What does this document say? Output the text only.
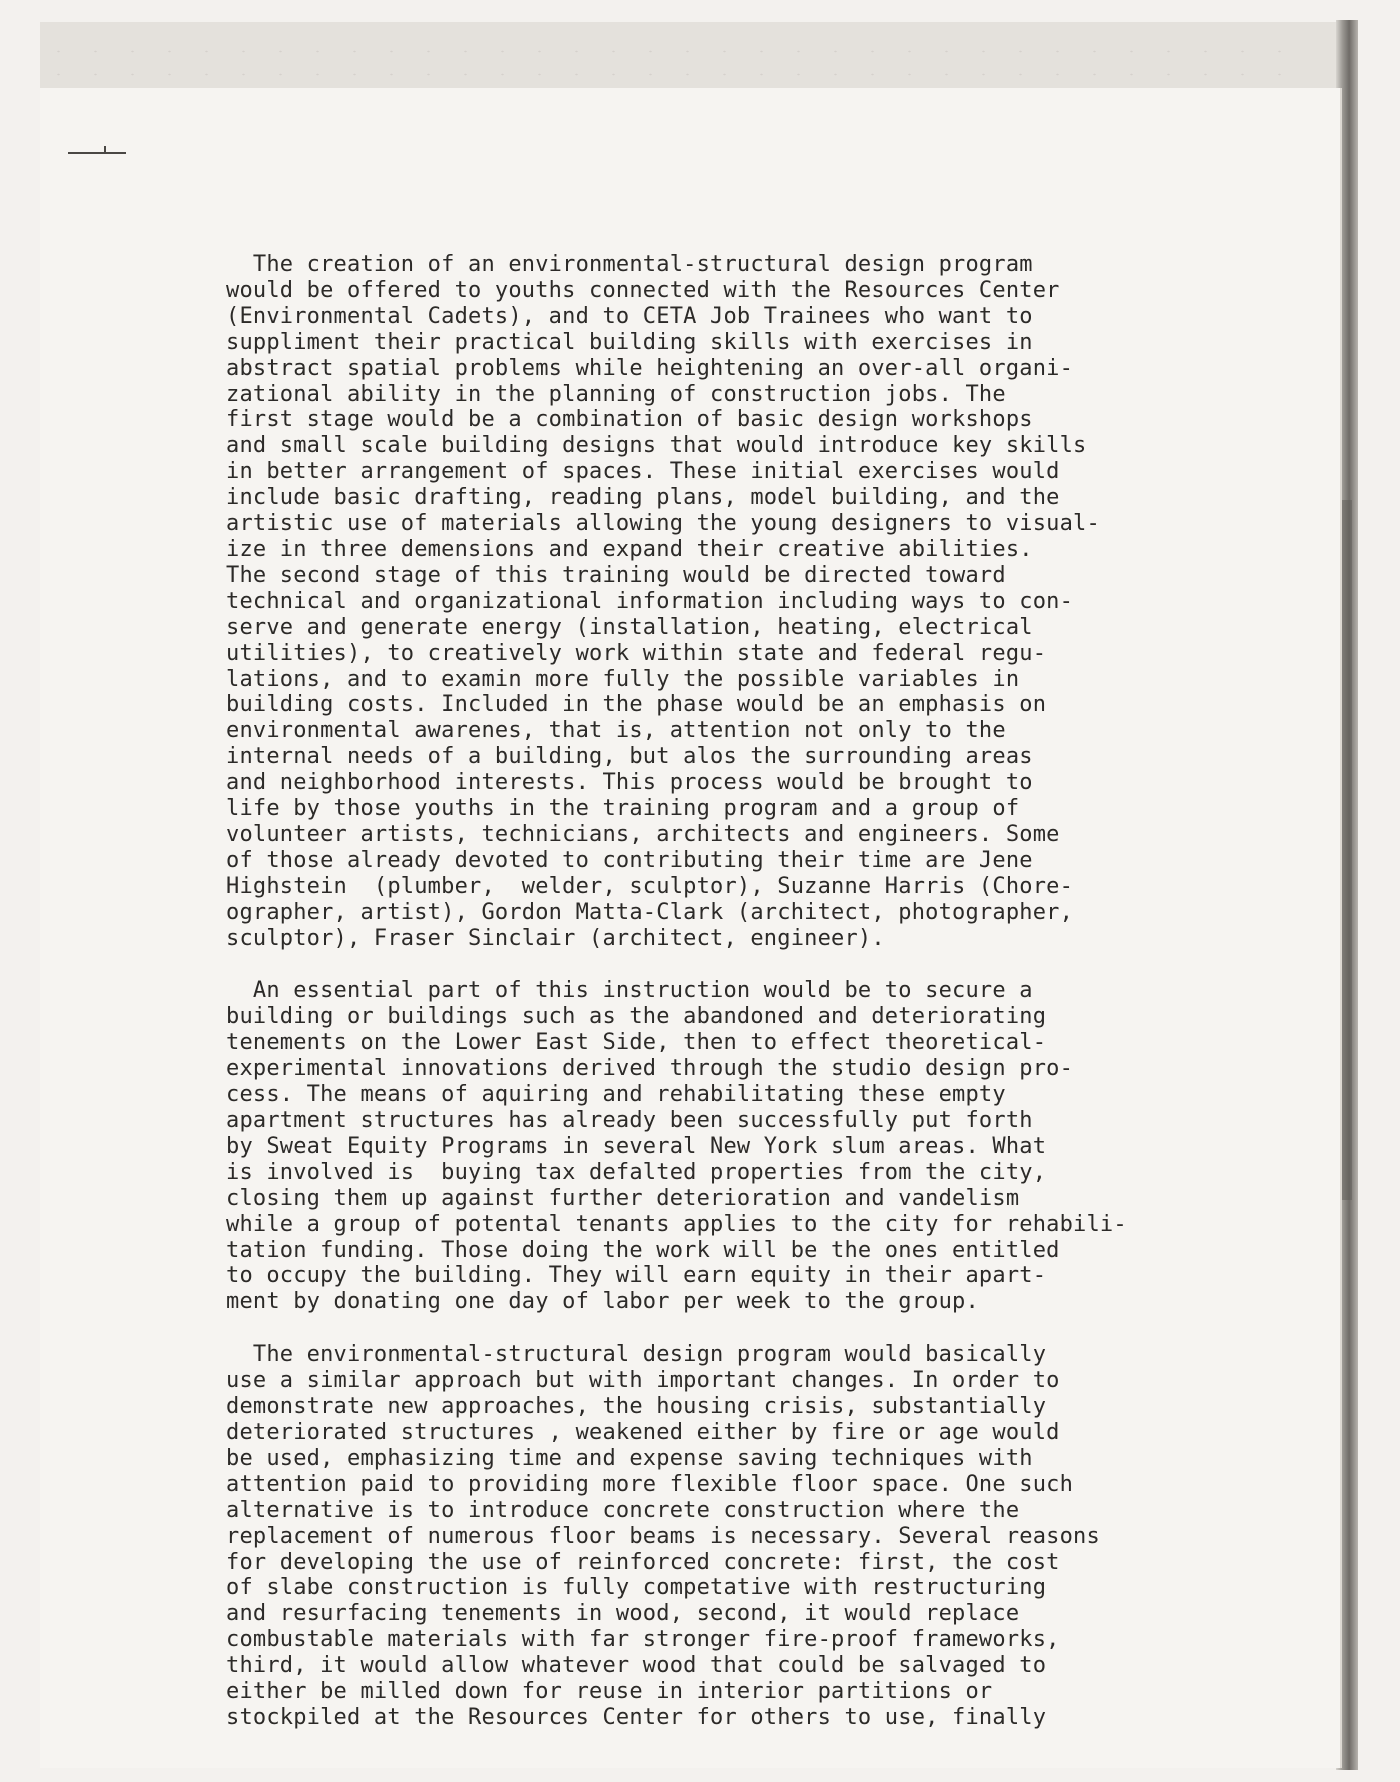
The creation of an environmental-structural design program
would be offered to youths connected with the Resources Center
(Environmental Cadets), and to CETA Job Trainees who want to
suppliment their practical building skills with exercises in
abstract spatial problems while heightening an over-all organi-
zational ability in the planning of construction jobs. The
first stage would be a combination of basic design workshops
and small scale building designs that would introduce key skills
in better arrangement of spaces. These initial exercises would
include basic drafting, reading plans, model building, and the
artistic use of materials allowing the young designers to visual-
ize in three demensions and expand their creative abilities.
The second stage of this training would be directed toward
technical and organizational information including ways to con-
serve and generate energy (installation, heating, electrical
utilities), to creatively work within state and federal regu-
lations, and to examin more fully the possible variables in
building costs. Included in the phase would be an emphasis on
environmental awarenes, that is, attention not only to the
internal needs of a building, but alos the surrounding areas
and neighborhood interests. This process would be brought to
life by those youths in the training program and a group of
volunteer artists, technicians, architects and engineers. Some
of those already devoted to contributing their time are Jene
Highstein  (plumber,  welder, sculptor), Suzanne Harris (Chore-
ographer, artist), Gordon Matta-Clark (architect, photographer,
sculptor), Fraser Sinclair (architect, engineer).
An essential part of this instruction would be to secure a
building or buildings such as the abandoned and deteriorating
tenements on the Lower East Side, then to effect theoretical-
experimental innovations derived through the studio design pro-
cess. The means of aquiring and rehabilitating these empty
apartment structures has already been successfully put forth
by Sweat Equity Programs in several New York slum areas. What
is involved is  buying tax defalted properties from the city,
closing them up against further deterioration and vandelism
while a group of potental tenants applies to the city for rehabili-
tation funding. Those doing the work will be the ones entitled
to occupy the building. They will earn equity in their apart-
ment by donating one day of labor per week to the group.
The environmental-structural design program would basically
use a similar approach but with important changes. In order to
demonstrate new approaches, the housing crisis, substantially
deteriorated structures , weakened either by fire or age would
be used, emphasizing time and expense saving techniques with
attention paid to providing more flexible floor space. One such
alternative is to introduce concrete construction where the
replacement of numerous floor beams is necessary. Several reasons
for developing the use of reinforced concrete: first, the cost
of slabe construction is fully competative with restructuring
and resurfacing tenements in wood, second, it would replace
combustable materials with far stronger fire-proof frameworks,
third, it would allow whatever wood that could be salvaged to
either be milled down for reuse in interior partitions or
stockpiled at the Resources Center for others to use, finally
